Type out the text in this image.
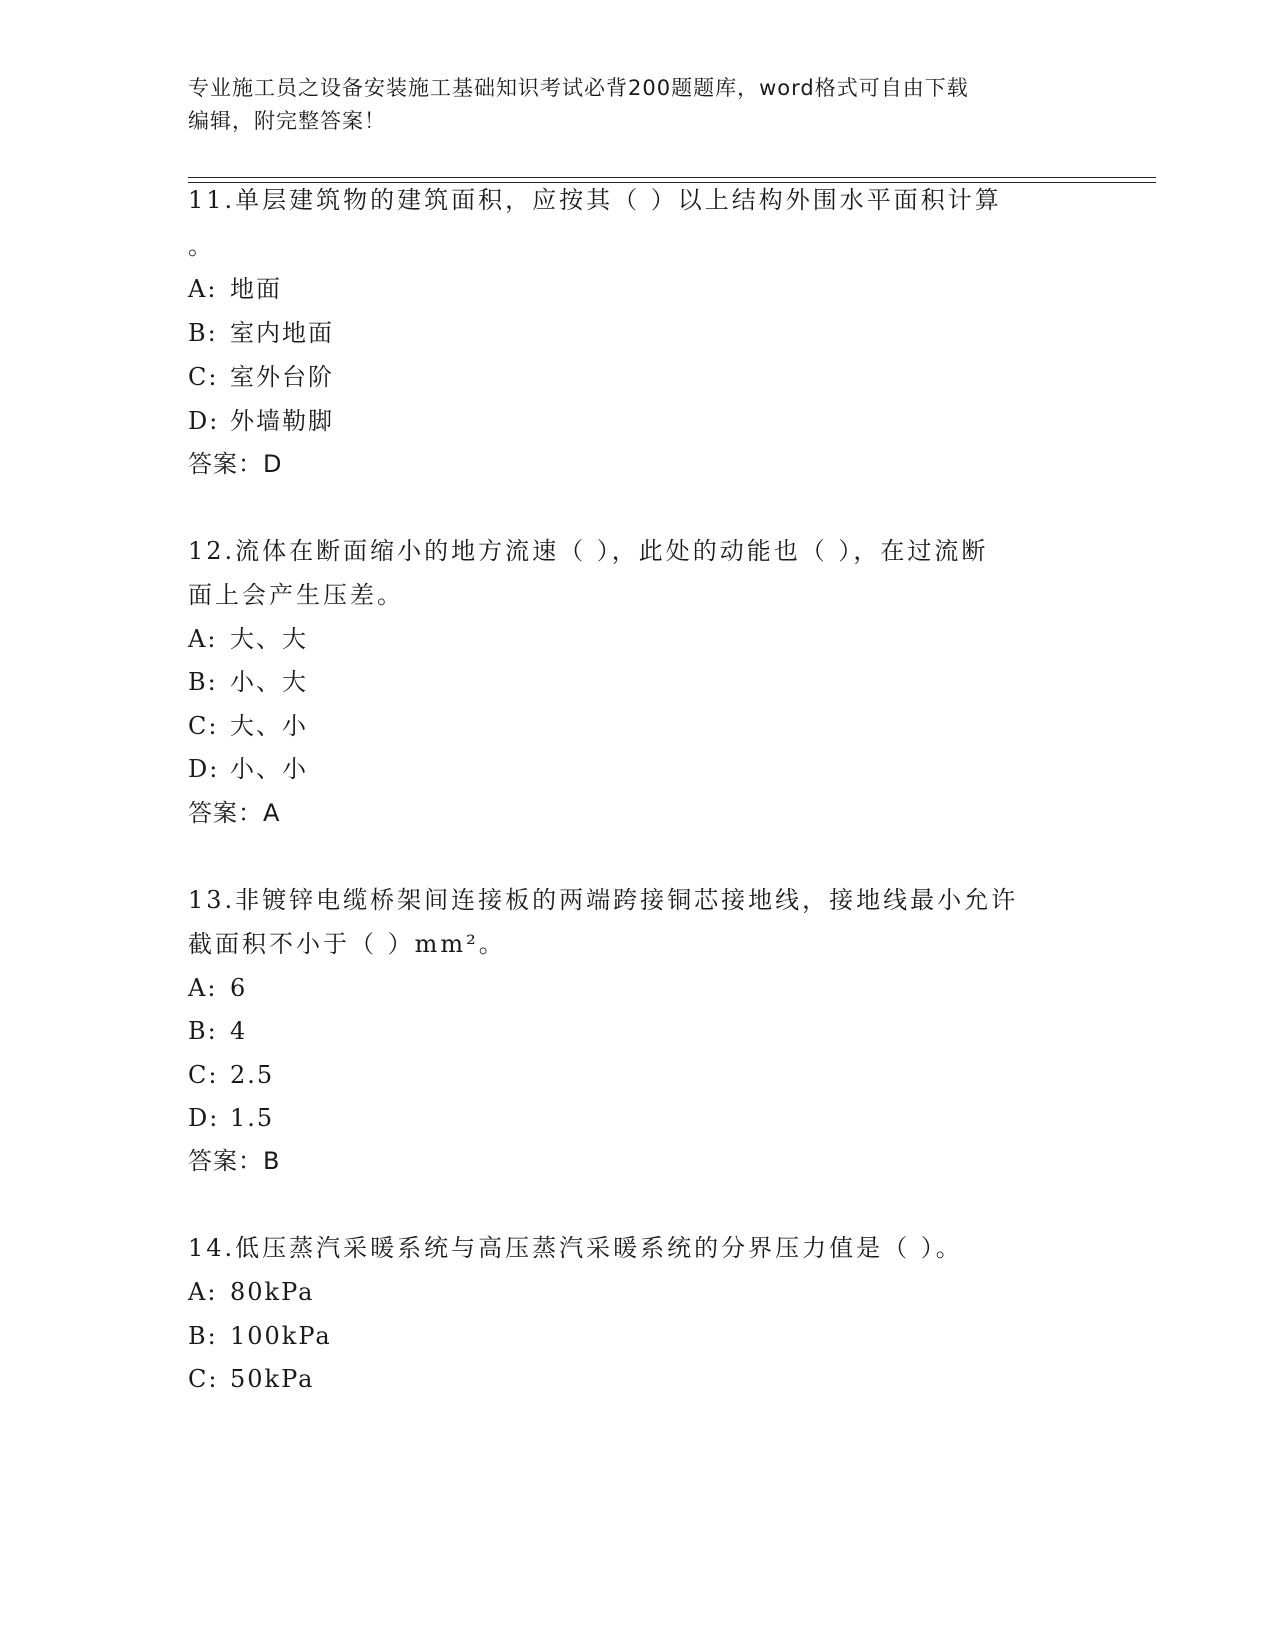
专业施工员之设备安装施工基础知识考试必背200题题库，word格式可自由下载
编辑，附完整答案！
11.单层建筑物的建筑面积，应按其（ ）以上结构外围水平面积计算
。
A: 地面
B: 室内地面
C: 室外台阶
D: 外墙勒脚
答案：D
12.流体在断面缩小的地方流速（ ），此处的动能也（ ），在过流断
面上会产生压差。
A: 大、大
B: 小、大
C: 大、小
D: 小、小
答案：A
13.非镀锌电缆桥架间连接板的两端跨接铜芯接地线，接地线最小允许
截面积不小于（ ）mm²。
A: 6
B: 4
C: 2.5
D: 1.5
答案：B
14.低压蒸汽采暖系统与高压蒸汽采暖系统的分界压力值是（ ）。
A: 80kPa
B: 100kPa
C: 50kPa
